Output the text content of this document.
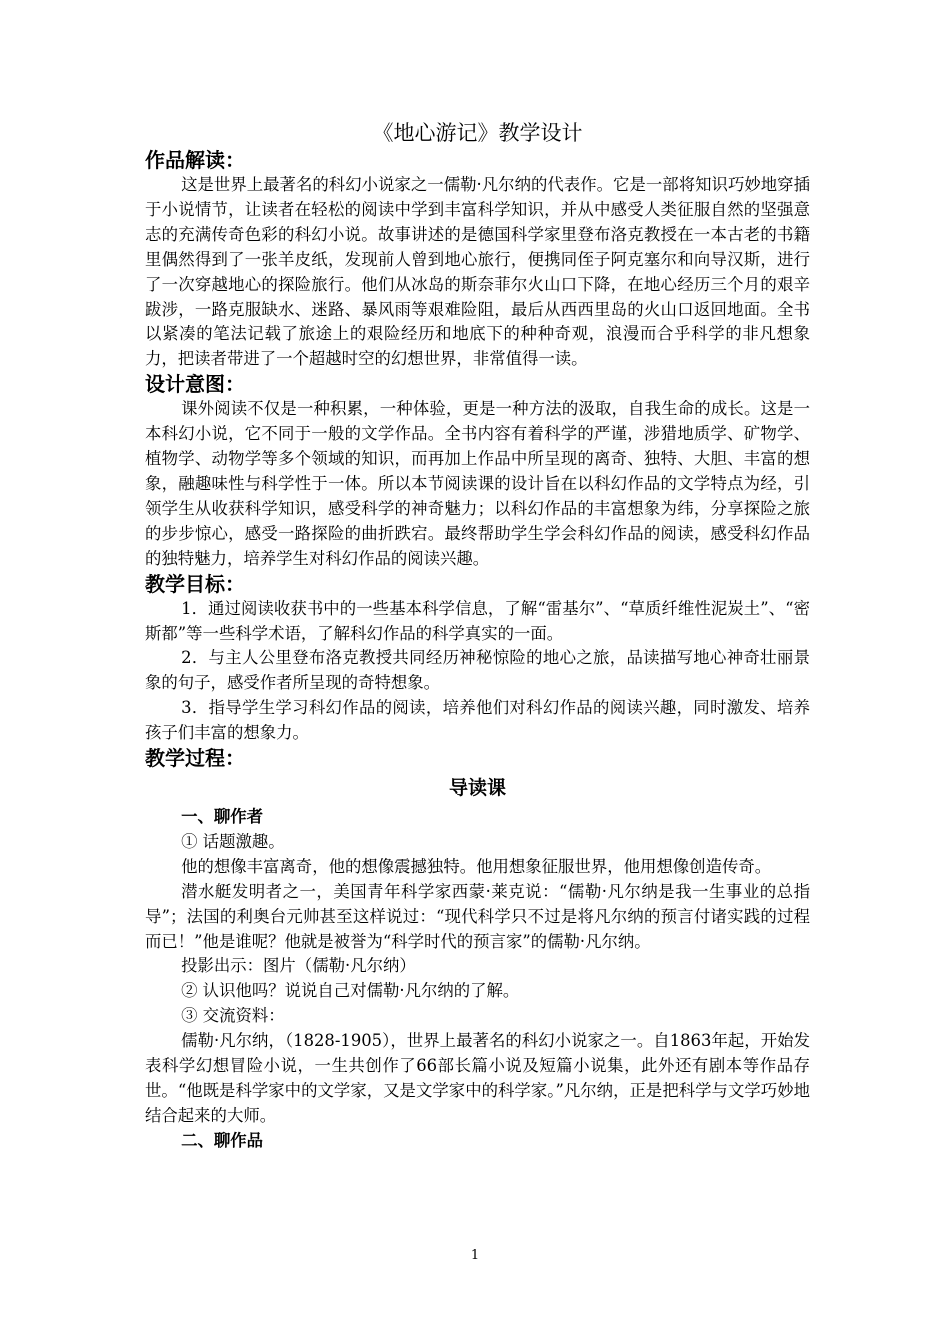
《地心游记》教学设计
作品解读：

这是世界上最著名的科幻小说家之一儒勒·凡尔纳的代表作。它是一部将知识巧妙地穿插于小说情节，让读者在轻松的阅读中学到丰富科学知识，并从中感受人类征服自然的坚强意志的充满传奇色彩的科幻小说。故事讲述的是德国科学家里登布洛克教授在一本古老的书籍里偶然得到了一张羊皮纸，发现前人曾到地心旅行，便携同侄子阿克塞尔和向导汉斯，进行了一次穿越地心的探险旅行。他们从冰岛的斯奈菲尔火山口下降，在地心经历三个月的艰辛跋涉，一路克服缺水、迷路、暴风雨等艰难险阻，最后从西西里岛的火山口返回地面。全书以紧凑的笔法记载了旅途上的艰险经历和地底下的种种奇观，浪漫而合乎科学的非凡想象力，把读者带进了一个超越时空的幻想世界，非常值得一读。

设计意图：

课外阅读不仅是一种积累，一种体验，更是一种方法的汲取，自我生命的成长。这是一本科幻小说，它不同于一般的文学作品。全书内容有着科学的严谨，涉猎地质学、矿物学、植物学、动物学等多个领域的知识，而再加上作品中所呈现的离奇、独特、大胆、丰富的想象，融趣味性与科学性于一体。所以本节阅读课的设计旨在以科幻作品的文学特点为经，引领学生从收获科学知识，感受科学的神奇魅力；以科幻作品的丰富想象为纬，分享探险之旅的步步惊心，感受一路探险的曲折跌宕。最终帮助学生学会科幻作品的阅读，感受科幻作品的独特魅力，培养学生对科幻作品的阅读兴趣。

教学目标：

1．通过阅读收获书中的一些基本科学信息，了解“雷基尔”、“草质纤维性泥炭土”、“密斯都”等一些科学术语，了解科幻作品的科学真实的一面。

2．与主人公里登布洛克教授共同经历神秘惊险的地心之旅，品读描写地心神奇壮丽景象的句子，感受作者所呈现的奇特想象。

3．指导学生学习科幻作品的阅读，培养他们对科幻作品的阅读兴趣，同时激发、培养孩子们丰富的想象力。

教学过程：
导读课

一、聊作者

① 话题激趣。

他的想像丰富离奇，他的想像震撼独特。他用想象征服世界，他用想像创造传奇。

潜水艇发明者之一，美国青年科学家西蒙·莱克说：“儒勒·凡尔纳是我一生事业的总指导”；法国的利奥台元帅甚至这样说过：“现代科学只不过是将凡尔纳的预言付诸实践的过程而已！”他是谁呢？他就是被誉为“科学时代的预言家”的儒勒·凡尔纳。

投影出示：图片（儒勒·凡尔纳）

② 认识他吗？说说自己对儒勒·凡尔纳的了解。

③ 交流资料：

儒勒·凡尔纳，（1828-1905），世界上最著名的科幻小说家之一。自1863年起，开始发表科学幻想冒险小说，一生共创作了66部长篇小说及短篇小说集，此外还有剧本等作品存世。“他既是科学家中的文学家，又是文学家中的科学家。”凡尔纳，正是把科学与文学巧妙地结合起来的大师。

二、聊作品

1
